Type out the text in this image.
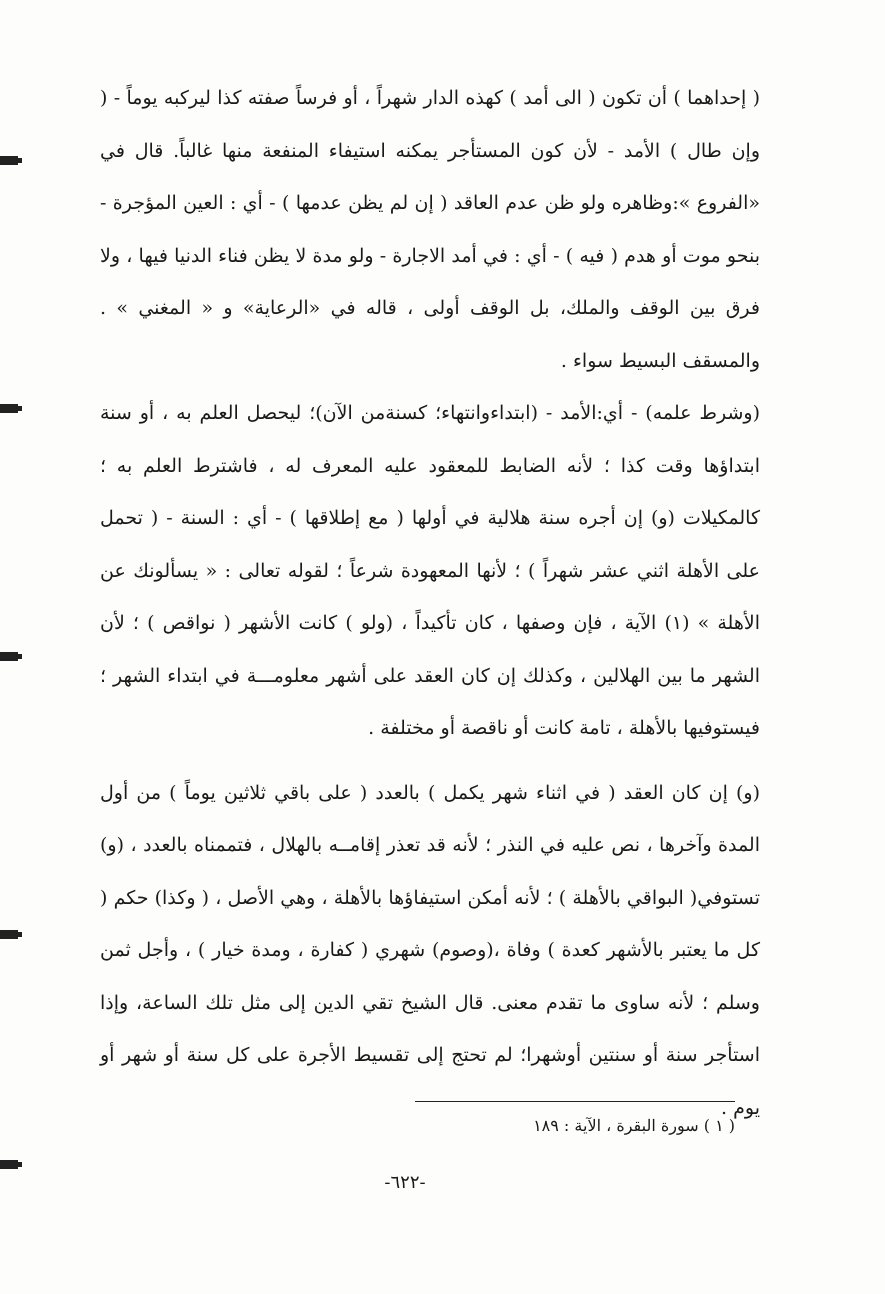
( إحداهما ) أن تكون ( الى أمد ) كهذه الدار شهراً ، أو فرساً صفته كذا ليركبه يوماً - ( وإن طال ) الأمد - لأن كون المستأجر يمكنه استيفاء المنفعة منها غالباً. قال في «الفروع »:وظاهره ولو ظن عدم العاقد ( إن لم يظن عدمها ) - أي : العين المؤجرة - بنحو موت أو هدم ( فيه ) - أي : في أمد الاجارة - ولو مدة لا يظن فناء الدنيا فيها ، ولا فرق بين الوقف والملك، بل الوقف أولى ، قاله في «الرعاية» و « المغني » . والمسقف البسيط سواء .

(وشرط علمه) - أي:الأمد - (ابتداءوانتهاء؛ كسنةمن الآن)؛ ليحصل العلم به ، أو سنة ابتداؤها وقت كذا ؛ لأنه الضابط للمعقود عليه المعرف له ، فاشترط العلم به ؛ كالمكيلات (و) إن أجره سنة هلالية في أولها ( مع إطلاقها ) - أي : السنة - ( تحمل على الأهلة اثني عشر شهراً ) ؛ لأنها المعهودة شرعاً ؛ لقوله تعالى : « يسألونك عن الأهلة » (١) الآية ، فإن وصفها ، كان تأكيداً ، (ولو ) كانت الأشهر ( نواقص ) ؛ لأن الشهر ما بين الهلالين ، وكذلك إن كان العقد على أشهر معلومـــة في ابتداء الشهر ؛ فيستوفيها بالأهلة ، تامة كانت أو ناقصة أو مختلفة .

(و) إن كان العقد ( في اثناء شهر يكمل ) بالعدد ( على باقي ثلاثين يوماً ) من أول المدة وآخرها ، نص عليه في النذر ؛ لأنه قد تعذر إقامــه بالهلال ، فتممناه بالعدد ، (و) تستوفي( البواقي بالأهلة ) ؛ لأنه أمكن استيفاؤها بالأهلة ، وهي الأصل ، ( وكذا) حكم ( كل ما يعتبر بالأشهر كعدة ) وفاة ،(وصوم) شهري ( كفارة ، ومدة خيار ) ، وأجل ثمن وسلم ؛ لأنه ساوى ما تقدم معنى. قال الشيخ تقي الدين إلى مثل تلك الساعة، وإذا استأجر سنة أو سنتين أوشهرا؛ لم تحتج إلى تقسيط الأجرة على كل سنة أو شهر أو يوم .

( ١ ) سورة البقرة ، الآية : ١٨٩
-٦٢٢-
